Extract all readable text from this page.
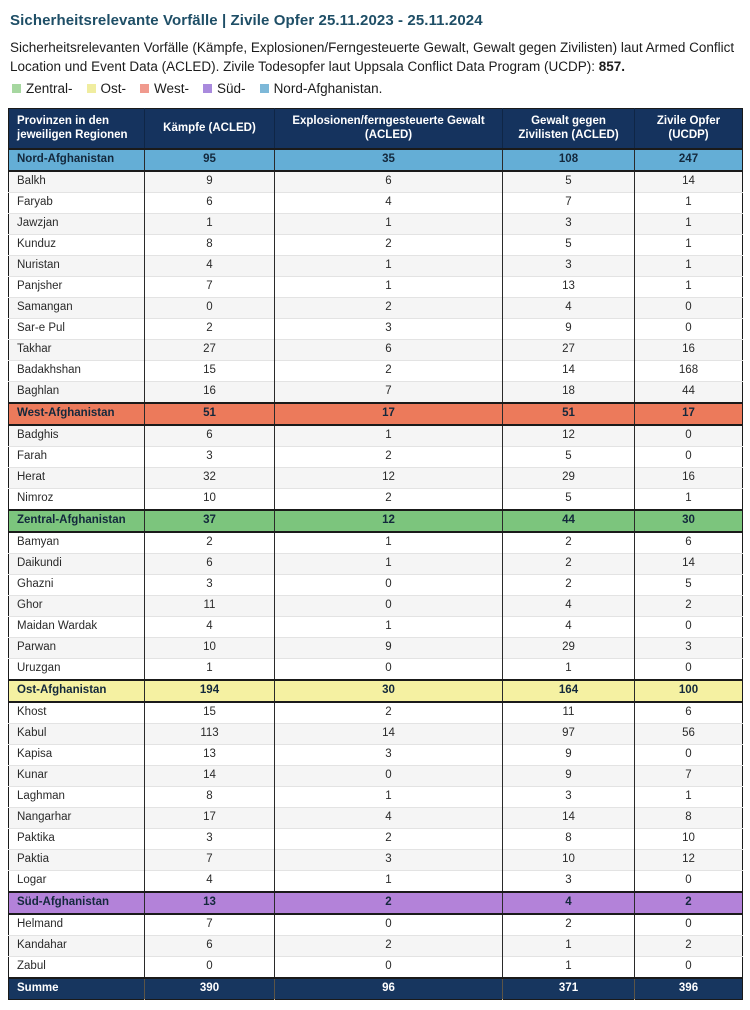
Sicherheitsrelevante Vorfälle | Zivile Opfer 25.11.2023 - 25.11.2024

Sicherheitsrelevanten Vorfälle (Kämpfe, Explosionen/Ferngesteuerte Gewalt, Gewalt gegen Zivilisten) laut Armed Conflict Location und Event Data (ACLED). Zivile Todesopfer laut Uppsala Conflict Data Program (UCDP): 857.

Zentral- Ost- West- Süd- Nord-Afghanistan.
Provinzen in den jeweiligen Regionen	Kämpfe (ACLED)	Explosionen/ferngesteuerte Gewalt (ACLED)	Gewalt gegen Zivilisten (ACLED)	Zivile Opfer (UCDP)
Nord-Afghanistan	95	35	108	247
Balkh	9	6	5	14
Faryab	6	4	7	1
Jawzjan	1	1	3	1
Kunduz	8	2	5	1
Nuristan	4	1	3	1
Panjsher	7	1	13	1
Samangan	0	2	4	0
Sar-e Pul	2	3	9	0
Takhar	27	6	27	16
Badakhshan	15	2	14	168
Baghlan	16	7	18	44
West-Afghanistan	51	17	51	17
Badghis	6	1	12	0
Farah	3	2	5	0
Herat	32	12	29	16
Nimroz	10	2	5	1
Zentral-Afghanistan	37	12	44	30
Bamyan	2	1	2	6
Daikundi	6	1	2	14
Ghazni	3	0	2	5
Ghor	11	0	4	2
Maidan Wardak	4	1	4	0
Parwan	10	9	29	3
Uruzgan	1	0	1	0
Ost-Afghanistan	194	30	164	100
Khost	15	2	11	6
Kabul	113	14	97	56
Kapisa	13	3	9	0
Kunar	14	0	9	7
Laghman	8	1	3	1
Nangarhar	17	4	14	8
Paktika	3	2	8	10
Paktia	7	3	10	12
Logar	4	1	3	0
Süd-Afghanistan	13	2	4	2
Helmand	7	0	2	0
Kandahar	6	2	1	2
Zabul	0	0	1	0
Summe	390	96	371	396
